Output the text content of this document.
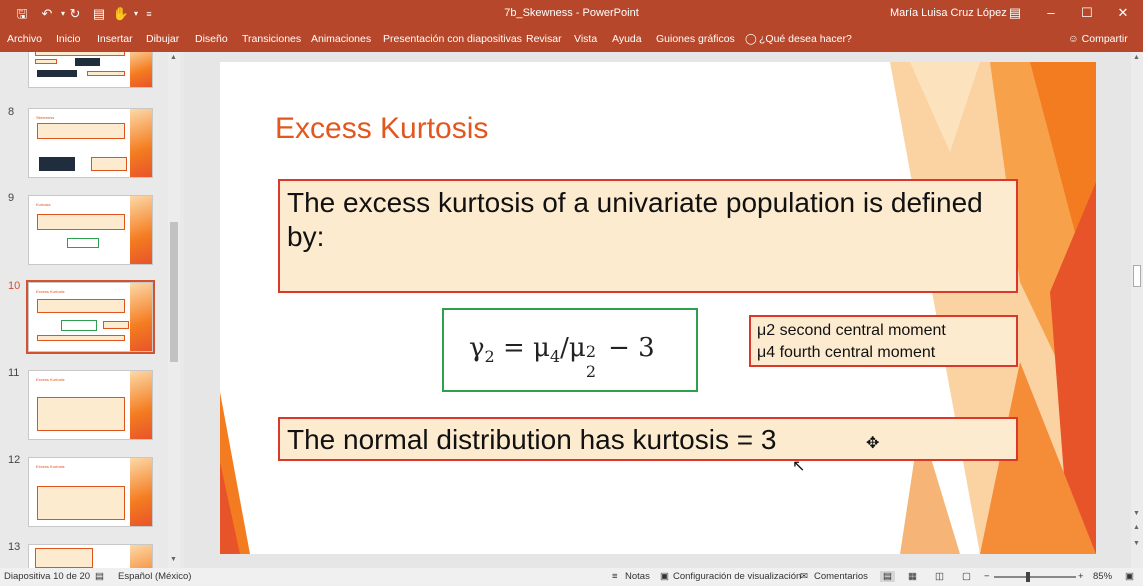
🖫 ↶	▾ ↻ ▤ ✋ ▾ ≡	7b_Skewness - PowerPoint	María Luisa Cruz López ▤	–	☐	✕
Archivo Inicio Insertar Dibujar Diseño Transiciones Animaciones Presentación con diapositivas Revisar Vista Ayuda Guiones gráficos ◯ ¿Qué desea hacer?	☺ Compartir
8	Skewness
9
Kurtosis
10	Excess Kurtosis
11
Excess Kurtosis
12
Excess Kurtosis
13
▲
▼
Excess Kurtosis
The excess kurtosis of a univariate population is defined by:
$\gamma_2 = \mu_4/\mu$ 2
2
− 3
μ2 second central moment
μ4 fourth central moment
The normal distribution has kurtosis = 3	✥
↖
▲
▼
▲
▼
Diapositiva 10 de 20 ▤ Español (México)	≡ Notas ▣ Configuración de visualización
✉ Comentarios	▤	▦ ◫ ▢ −	+ 85% ▣
